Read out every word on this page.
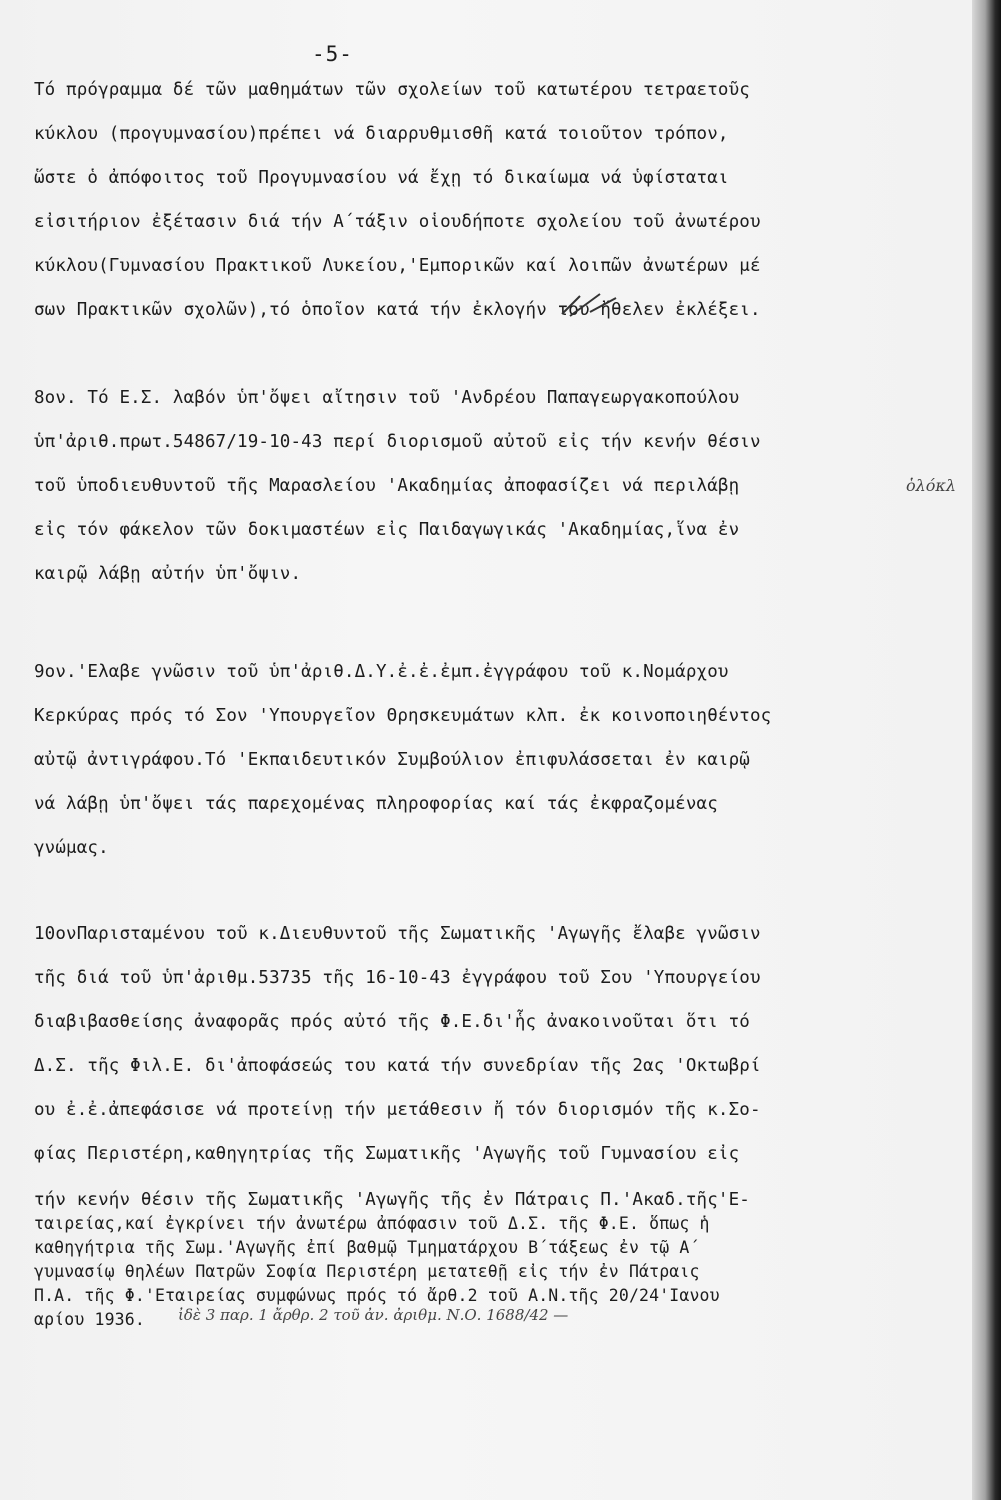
-5-
Τό πρόγραμμα δέ τῶν μαθημάτων τῶν σχολείων τοῦ κατωτέρου τετραετοῦς
κύκλου (προγυμνασίου)πρέπει νά διαρρυθμισθῆ κατά τοιοῦτον τρόπον,
ὥστε ὁ ἀπόφοιτος τοῦ Προγυμνασίου νά ἔχῃ τό δικαίωμα νά ὑφίσταται
εἰσιτήριον ἐξέτασιν διά τήν Α΄τάξιν οἱουδήποτε σχολείου τοῦ ἀνωτέρου
κύκλου(Γυμνασίου Πρακτικοῦ Λυκείου,'Εμπορικῶν καί λοιπῶν ἀνωτέρων μέ
σων Πρακτικῶν σχολῶν),τό ὁποῖον κατά τήν ἐκλογήν του ἤθελεν ἐκλέξει.
8ον. Τό Ε.Σ. λαβόν ὑπ'ὄψει αἴτησιν τοῦ 'Ανδρέου Παπαγεωργακοπούλου
ὑπ'ἀριθ.πρωτ.54867/19-10-43 περί διορισμοῦ αὐτοῦ εἰς τήν κενήν θέσιν
τοῦ ὑποδιευθυντοῦ τῆς Μαρασλείου 'Ακαδημίας ἀποφασίζει νά περιλάβῃ
εἰς τόν φάκελον τῶν δοκιμαστέων εἰς Παιδαγωγικάς 'Ακαδημίας,ἵνα ἐν
καιρῷ λάβῃ αὐτήν ὑπ'ὄψιν.
ὁλόκλ
9ον.'Ελαβε γνῶσιν τοῦ ὑπ'ἀριθ.Δ.Υ.ἐ.ἐ.ἐμπ.ἐγγράφου τοῦ κ.Νομάρχου
Κερκύρας πρός τό Σον 'Υπουργεῖον Θρησκευμάτων κλπ. ἐκ κοινοποιηθέντος
αὐτῷ ἀντιγράφου.Τό 'Εκπαιδευτικόν Συμβούλιον ἐπιφυλάσσεται ἐν καιρῷ
νά λάβῃ ὑπ'ὄψει τάς παρεχομένας πληροφορίας καί τάς ἐκφραζομένας
γνώμας.
10ονΠαρισταμένου τοῦ κ.Διευθυντοῦ τῆς Σωματικῆς 'Αγωγῆς ἔλαβε γνῶσιν
τῆς διά τοῦ ὑπ'ἀριθμ.53735 τῆς 16-10-43 ἐγγράφου τοῦ Σου 'Υπουργείου
διαβιβασθείσης ἀναφορᾶς πρός αὐτό τῆς Φ.Ε.δι'ἧς ἀνακοινοῦται ὅτι τό
Δ.Σ. τῆς Φιλ.Ε. δι'ἀποφάσεώς του κατά τήν συνεδρίαν τῆς 2ας 'Οκτωβρί
ου ἐ.ἐ.ἀπεφάσισε νά προτείνῃ τήν μετάθεσιν ἤ τόν διορισμόν τῆς κ.Σο-
φίας Περιστέρη,καθηγητρίας τῆς Σωματικῆς 'Αγωγῆς τοῦ Γυμνασίου εἰς
τήν κενήν θέσιν τῆς Σωματικῆς 'Αγωγῆς τῆς ἐν Πάτραις Π.'Ακαδ.τῆς'Ε-
ταιρείας,καί ἐγκρίνει τήν ἀνωτέρω ἀπόφασιν τοῦ Δ.Σ. τῆς Φ.Ε. ὅπως ἡ
καθηγήτρια τῆς Σωμ.'Αγωγῆς ἐπί βαθμῷ Τμηματάρχου Β΄τάξεως ἐν τῷ Α΄
γυμνασίῳ θηλέων Πατρῶν Σοφία Περιστέρη μετατεθῇ εἰς τήν ἐν Πάτραις
Π.Α. τῆς Φ.'Εταιρείας συμφώνως πρός τό ἄρθ.2 τοῦ Α.Ν.τῆς 20/24'Ιανου
αρίου 1936. ἰδὲ 3 παρ. 1 ἄρθρ. 2 τοῦ ἀν. ἀριθμ. Ν.Ο. 1688/42 —
